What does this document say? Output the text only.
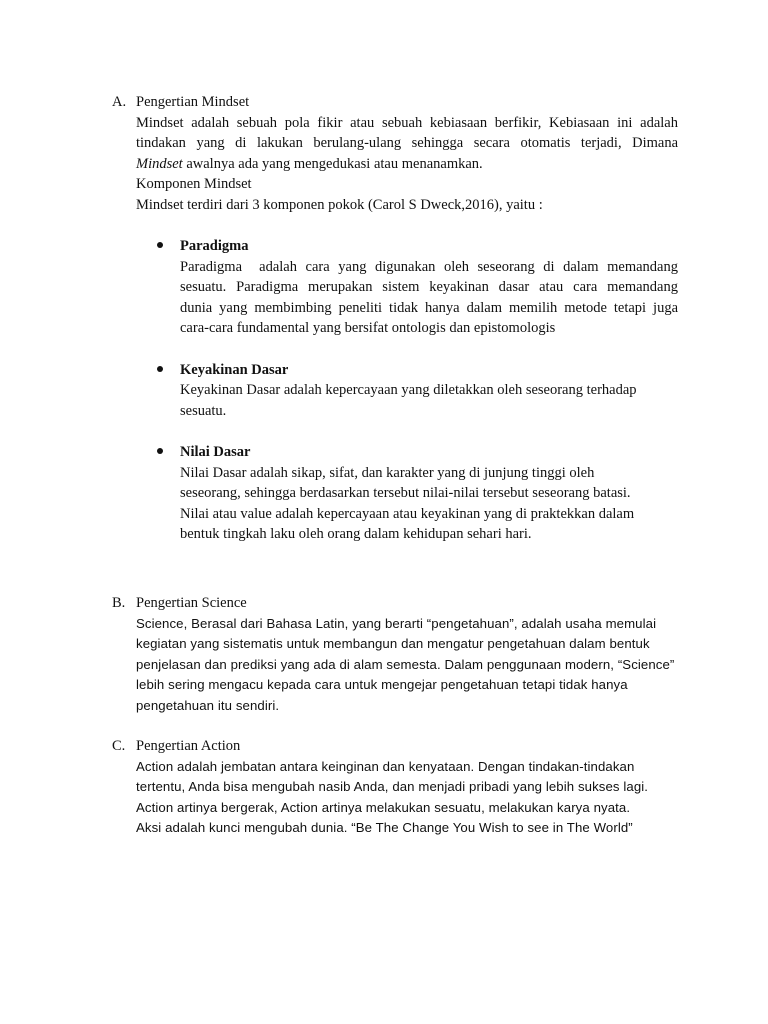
A. Pengertian Mindset
Mindset adalah sebuah pola fikir atau sebuah kebiasaan berfikir, Kebiasaan ini adalah
tindakan yang di lakukan berulang-ulang sehingga secara otomatis terjadi, Dimana
Mindset awalnya ada yang mengedukasi atau menanamkan.
Komponen Mindset
Mindset terdiri dari 3 komponen pokok (Carol S Dweck,2016), yaitu :
Paradigma
Paradigma  adalah cara yang digunakan oleh seseorang di dalam memandang
sesuatu. Paradigma merupakan sistem keyakinan dasar atau cara memandang
dunia yang membimbing peneliti tidak hanya dalam memilih metode tetapi juga
cara-cara fundamental yang bersifat ontologis dan epistomologis
Keyakinan Dasar
Keyakinan Dasar adalah kepercayaan yang diletakkan oleh seseorang terhadap
sesuatu.
Nilai Dasar
Nilai Dasar adalah sikap, sifat, dan karakter yang di junjung tinggi oleh
seseorang, sehingga berdasarkan tersebut nilai-nilai tersebut seseorang batasi.
Nilai atau value adalah kepercayaan atau keyakinan yang di praktekkan dalam
bentuk tingkah laku oleh orang dalam kehidupan sehari hari.
B. Pengertian Science
Science, Berasal dari Bahasa Latin, yang berarti “pengetahuan”, adalah usaha memulai
kegiatan yang sistematis untuk membangun dan mengatur pengetahuan dalam bentuk
penjelasan dan prediksi yang ada di alam semesta. Dalam penggunaan modern, “Science”
lebih sering mengacu kepada cara untuk mengejar pengetahuan tetapi tidak hanya
pengetahuan itu sendiri.
C. Pengertian Action
Action adalah jembatan antara keinginan dan kenyataan. Dengan tindakan-tindakan
tertentu, Anda bisa mengubah nasib Anda, dan menjadi pribadi yang lebih sukses lagi.
Action artinya bergerak, Action artinya melakukan sesuatu, melakukan karya nyata.
Aksi adalah kunci mengubah dunia. “Be The Change You Wish to see in The World”
